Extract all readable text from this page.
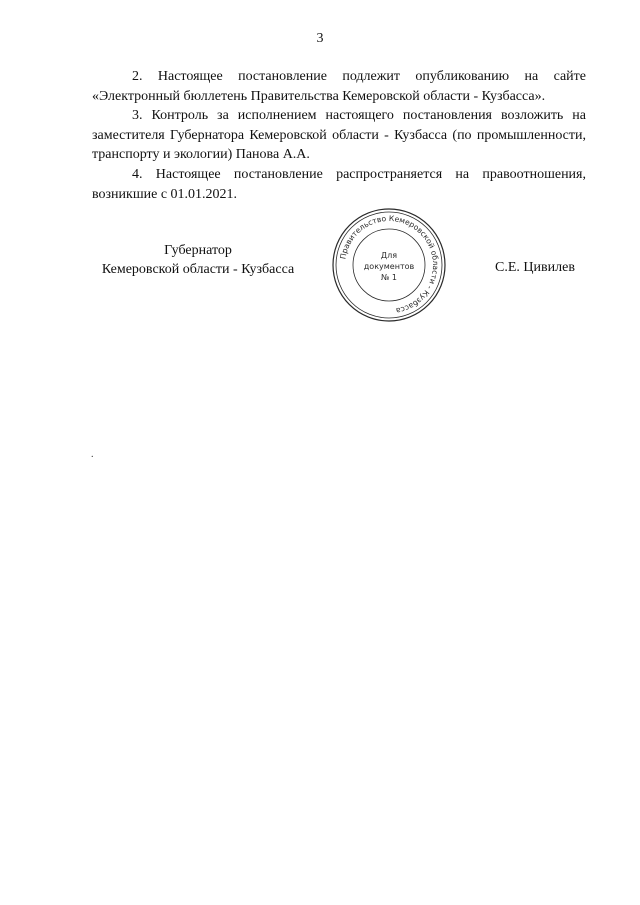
3

2. Настоящее постановление подлежит опубликованию на сайте «Электронный бюллетень Правительства Кемеровской области - Кузбасса».

3. Контроль за исполнением настоящего постановления возложить на заместителя Губернатора Кемеровской области - Кузбасса (по промышленности, транспорту и экологии) Панова А.А.

4. Настоящее постановление распространяется на правоотношения, возникшие с 01.01.2021.

Губернатор
Кемеровской области - Кузбасса
Правительство Кемеровской области - Кузбасса
Для
документов
№ 1
С.Е. Цивилев
.
